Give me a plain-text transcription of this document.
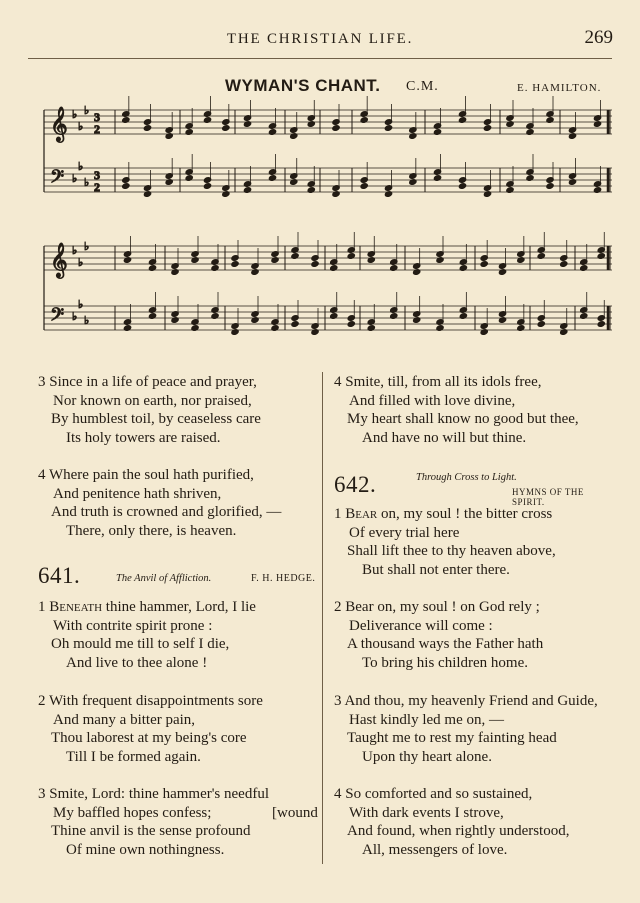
THE CHRISTIAN LIFE.	269
WYMAN'S CHANT. C.M.	E. HAMILTON.
𝄞 ♭
♭
♭
𝄢 ♭
♭
♭
𝄞 ♭
♭
♭
𝄢 ♭
♭
♭
3
2
3
2
3 Since in a life of peace and prayer,
Nor known on earth, nor praised,
By humblest toil, by ceaseless care
Its holy towers are raised.
4 Where pain the soul hath purified,
And penitence hath shriven,
And truth is crowned and glorified, —
There, only there, is heaven.
641.	The Anvil of Affliction.	F. H. HEDGE.
1 Beneath thine hammer, Lord, I lie
With contrite spirit prone :
Oh mould me till to self I die,
And live to thee alone !
2 With frequent disappointments sore
And many a bitter pain,
Thou laborest at my being's core
Till I be formed again.
3 Smite, Lord: thine hammer's needful
My baffled hopes confess;	[wound
Thine anvil is the sense profound
Of mine own nothingness.
4 Smite, till, from all its idols free,
And filled with love divine,
My heart shall know no good but thee,
And have no will but thine.
642.	Through Cross to Light.
HYMNS OF THE SPIRIT.
1 Bear on, my soul ! the bitter cross
Of every trial here
Shall lift thee to thy heaven above,
But shall not enter there.
2 Bear on, my soul ! on God rely ;
Deliverance will come :
A thousand ways the Father hath
To bring his children home.
3 And thou, my heavenly Friend and Guide,
Hast kindly led me on, —
Taught me to rest my fainting head
Upon thy heart alone.
4 So comforted and so sustained,
With dark events I strove,
And found, when rightly understood,
All, messengers of love.
